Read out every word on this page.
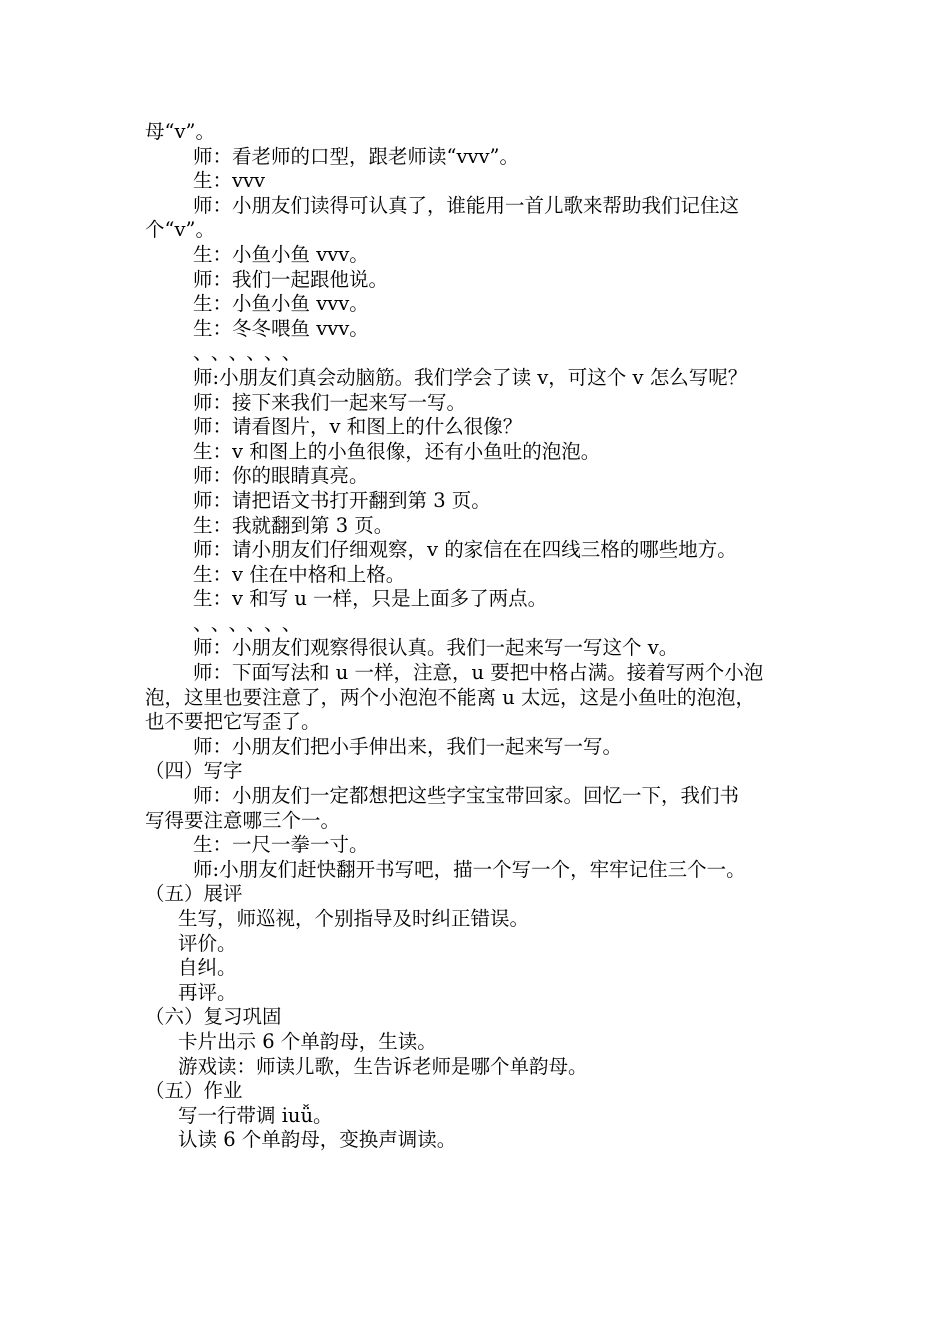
母“v”。

师：看老师的口型，跟老师读“vvv”。

生：vvv

师：小朋友们读得可认真了，谁能用一首儿歌来帮助我们记住这

个“v”。

生：小鱼小鱼 vvv。

师：我们一起跟他说。

生：小鱼小鱼 vvv。

生：冬冬喂鱼 vvv。

、、、、、、

师:小朋友们真会动脑筋。我们学会了读 v，可这个 v 怎么写呢？

师：接下来我们一起来写一写。

师：请看图片，v 和图上的什么很像？

生：v 和图上的小鱼很像，还有小鱼吐的泡泡。

师：你的眼睛真亮。

师：请把语文书打开翻到第 3 页。

生：我就翻到第 3 页。

师：请小朋友们仔细观察，v 的家信在在四线三格的哪些地方。

生：v 住在中格和上格。

生：v 和写 u 一样，只是上面多了两点。

、、、、、、

师：小朋友们观察得很认真。我们一起来写一写这个 v。

师：下面写法和 u 一样，注意，u 要把中格占满。接着写两个小泡

泡，这里也要注意了，两个小泡泡不能离 u 太远，这是小鱼吐的泡泡，

也不要把它写歪了。

师：小朋友们把小手伸出来，我们一起来写一写。

（四）写字

师：小朋友们一定都想把这些字宝宝带回家。回忆一下，我们书

写得要注意哪三个一。

生：一尺一拳一寸。

师:小朋友们赶快翻开书写吧，描一个写一个，牢牢记住三个一。

（五）展评

生写，师巡视，个别指导及时纠正错误。

评价。

自纠。

再评。

（六）复习巩固

卡片出示 6 个单韵母，生读。

游戏读：师读儿歌，生告诉老师是哪个单韵母。

（五）作业

写一行带调 iuǚ。

认读 6 个单韵母，变换声调读。
